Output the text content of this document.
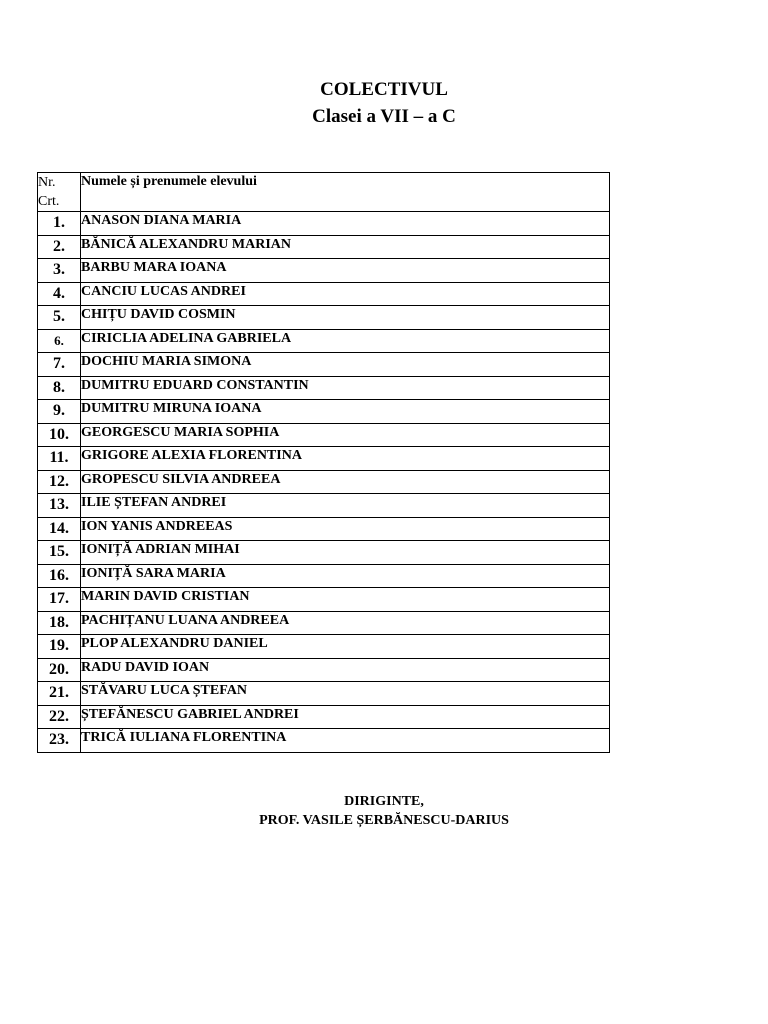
COLECTIVUL
Clasei a VII – a C
Nr.
Crt.	Numele și prenumele elevului
1.	ANASON DIANA MARIA
2.	BĂNICĂ ALEXANDRU MARIAN
3.	BARBU MARA IOANA
4.	CANCIU LUCAS ANDREI
5.	CHIȚU DAVID COSMIN
6.	CIRICLIA ADELINA GABRIELA
7.	DOCHIU MARIA SIMONA
8.	DUMITRU EDUARD CONSTANTIN
9.	DUMITRU MIRUNA IOANA
10.	GEORGESCU MARIA SOPHIA
11.	GRIGORE ALEXIA FLORENTINA
12.	GROPESCU SILVIA ANDREEA
13.	ILIE ȘTEFAN ANDREI
14.	ION YANIS ANDREEAS
15.	IONIȚĂ ADRIAN MIHAI
16.	IONIȚĂ SARA MARIA
17.	MARIN DAVID CRISTIAN
18.	PACHIȚANU LUANA ANDREEA
19.	PLOP ALEXANDRU DANIEL
20.	RADU DAVID IOAN
21.	STĂVARU LUCA ȘTEFAN
22.	ȘTEFĂNESCU GABRIEL ANDREI
23.	TRICĂ IULIANA FLORENTINA
DIRIGINTE,
PROF. VASILE ȘERBĂNESCU-DARIUS
